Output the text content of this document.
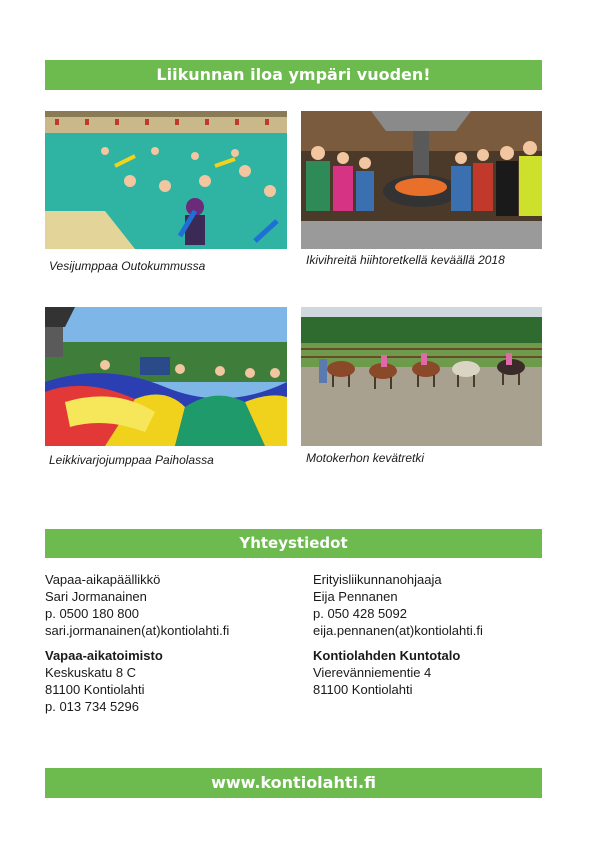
Liikunnan iloa ympäri vuoden!
Vesijumppaa Outokummussa	Ikivihreitä hiihtoretkellä keväällä 2018
Leikkivarjojumppaa Paiholassa	Motokerhon kevätretki
Yhteystiedot
Vapaa-aikapäällikkö
Sari Jormanainen
p. 0500 180 800
sari.jormanainen(at)kontiolahti.fi
Vapaa-aikatoimisto
Keskuskatu 8 C
81100 Kontiolahti
p. 013 734 5296
Erityisliikunnanohjaaja
Eija Pennanen
p. 050 428 5092
eija.pennanen(at)kontiolahti.fi
Kontiolahden Kuntotalo
Vierevänniementie 4
81100 Kontiolahti
www.kontiolahti.fi
